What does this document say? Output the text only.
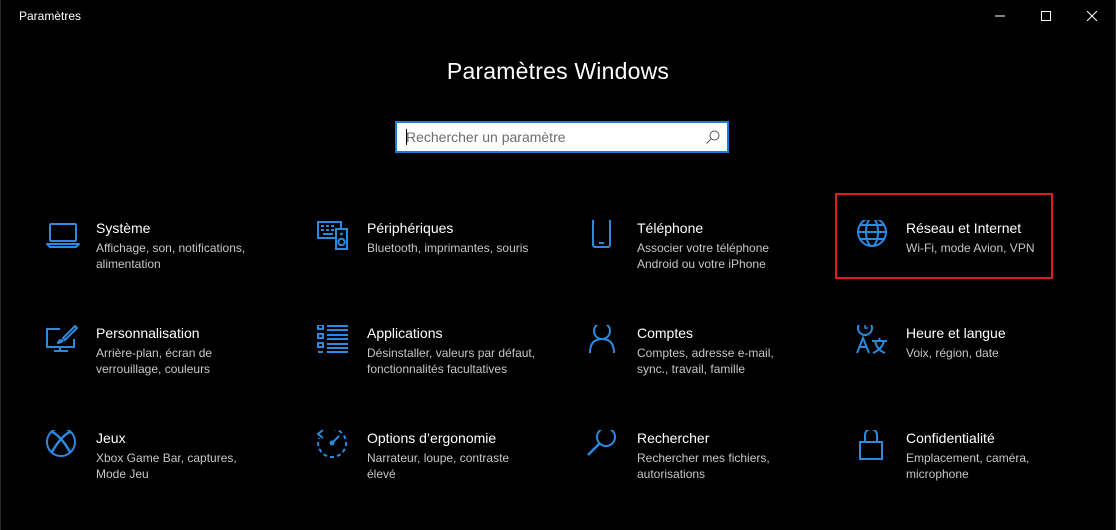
Paramètres
Paramètres Windows
Rechercher un paramètre
Système
Affichage, son, notifications, alimentation
Périphériques
Bluetooth, imprimantes, souris
Téléphone
Associer votre téléphone Android ou votre iPhone
Réseau et Internet
Wi-Fi, mode Avion, VPN
Personnalisation
Arrière-plan, écran de verrouillage, couleurs
Applications
Désinstaller, valeurs par défaut, fonctionnalités facultatives
Comptes
Comptes, adresse e-mail, sync., travail, famille
Heure et langue
Voix, région, date
Jeux
Xbox Game Bar, captures, Mode Jeu
Options d’ergonomie
Narrateur, loupe, contraste élevé
Rechercher
Rechercher mes fichiers, autorisations
Confidentialité
Emplacement, caméra, microphone
